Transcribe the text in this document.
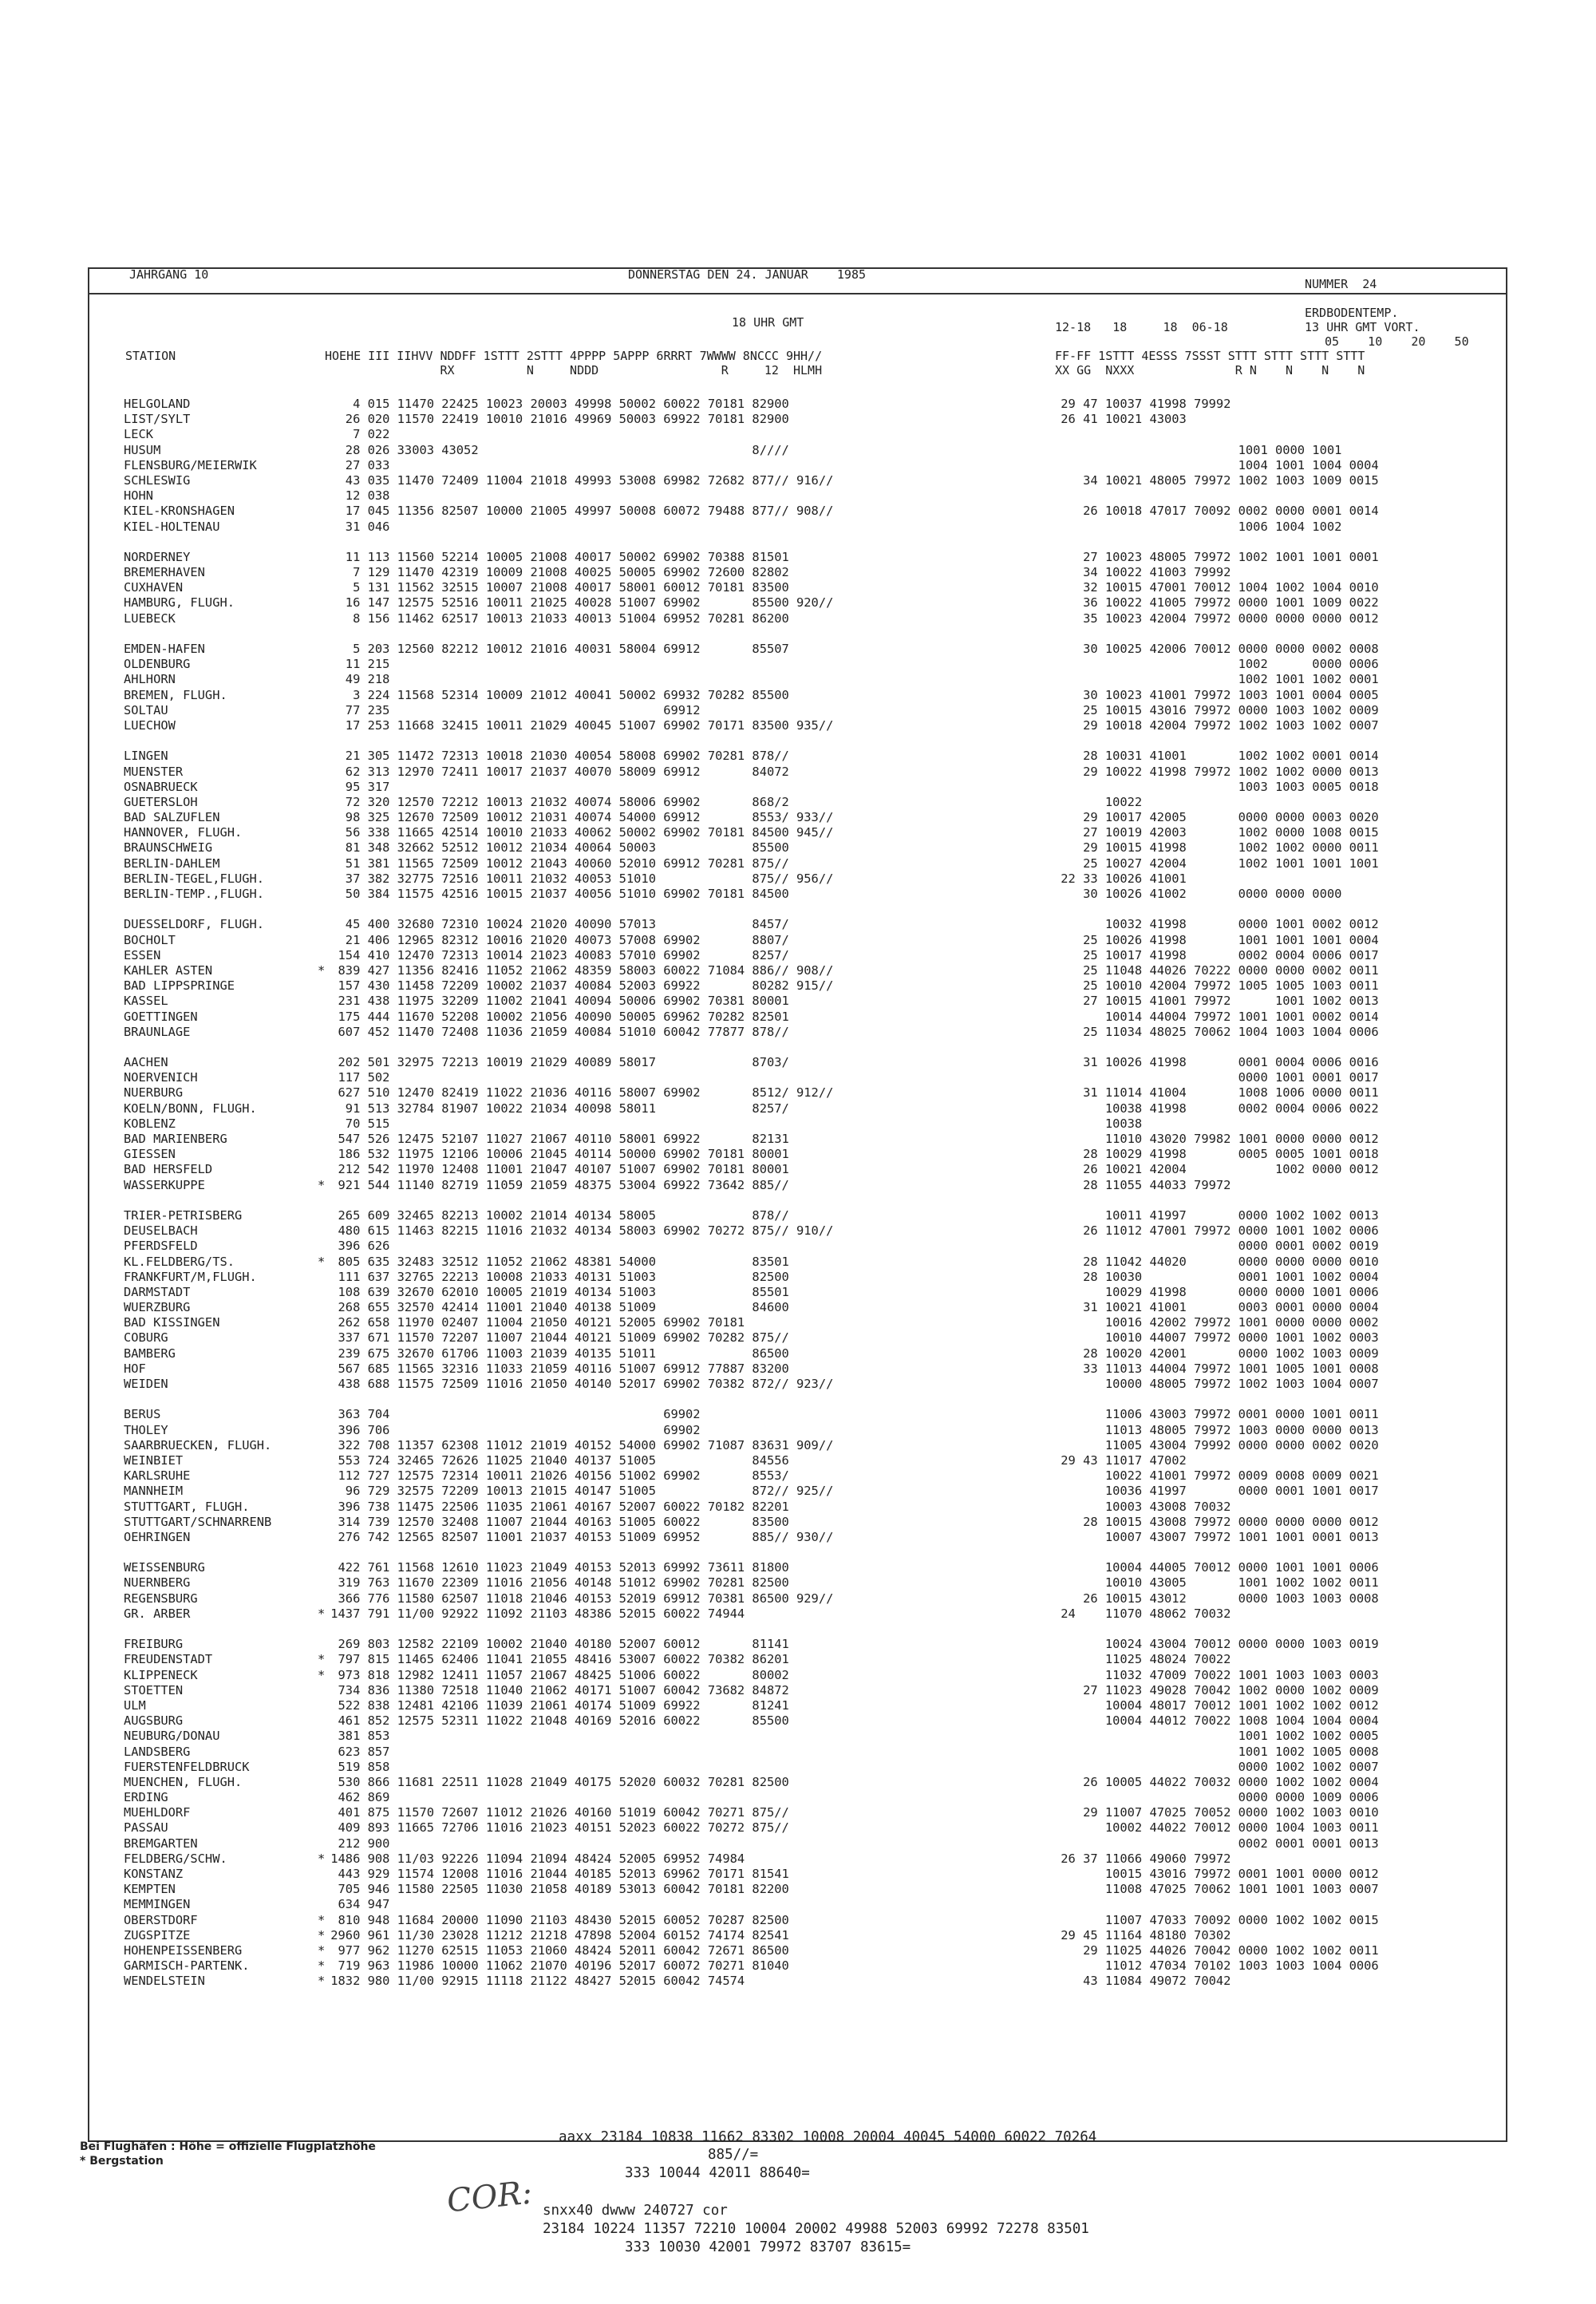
JAHRGANG 10	DONNERSTAG DEN 24. JANUAR    1985
NUMMER  24
18 UHR GMT
ERDBODENTEMP.
13 UHR GMT VORT.
05    10    20    50
12-18   18     18  06-18
STATION	HOEHE III IIHVV NDDFF 1STTT 2STTT 4PPPP 5APPP 6RRRT 7WWWW 8NCCC 9HH//
RX          N     NDDD                 R     12  HLMH
FF-FF 1STTT 4ESSS 7SSST STTT STTT STTT STTT
XX GG  NXXX              R N    N    N    N
HELGOLAND
LIST/SYLT
LECK
HUSUM
FLENSBURG/MEIERWIK
SCHLESWIG
HOHN
KIEL-KRONSHAGEN
KIEL-HOLTENAU
NORDERNEY
BREMERHAVEN
CUXHAVEN
HAMBURG, FLUGH.
LUEBECK
EMDEN-HAFEN
OLDENBURG
AHLHORN
BREMEN, FLUGH.
SOLTAU
LUECHOW
LINGEN
MUENSTER
OSNABRUECK
GUETERSLOH
BAD SALZUFLEN
HANNOVER, FLUGH.
BRAUNSCHWEIG
BERLIN-DAHLEM
BERLIN-TEGEL,FLUGH.
BERLIN-TEMP.,FLUGH.
DUESSELDORF, FLUGH.
BOCHOLT
ESSEN
KAHLER ASTEN
BAD LIPPSPRINGE
KASSEL
GOETTINGEN
BRAUNLAGE
AACHEN
NOERVENICH
NUERBURG
KOELN/BONN, FLUGH.
KOBLENZ
BAD MARIENBERG
GIESSEN
BAD HERSFELD
WASSERKUPPE
TRIER-PETRISBERG
DEUSELBACH
PFERDSFELD
KL.FELDBERG/TS.
FRANKFURT/M,FLUGH.
DARMSTADT
WUERZBURG
BAD KISSINGEN
COBURG
BAMBERG
HOF
WEIDEN
BERUS
THOLEY
SAARBRUECKEN, FLUGH.
WEINBIET
KARLSRUHE
MANNHEIM
STUTTGART, FLUGH.
STUTTGART/SCHNARRENB
OEHRINGEN
WEISSENBURG
NUERNBERG
REGENSBURG
GR. ARBER
FREIBURG
FREUDENSTADT
KLIPPENECK
STOETTEN
ULM
AUGSBURG
NEUBURG/DONAU
LANDSBERG
FUERSTENFELDBRUCK
MUENCHEN, FLUGH.
ERDING
MUEHLDORF
PASSAU
BREMGARTEN
FELDBERG/SCHW.
KONSTANZ
KEMPTEN
MEMMINGEN
OBERSTDORF
ZUGSPITZE
HOHENPEISSENBERG
GARMISCH-PARTENK.
WENDELSTEIN
*
*
*
*
*
*
*
*
*
*
*
*
4 015 11470 22425 10023 20003 49998 50002 60022 70181 82900
26 020 11570 22419 10010 21016 49969 50003 69922 70181 82900
7 022
28 026 33003 43052                                     8////
27 033
43 035 11470 72409 11004 21018 49993 53008 69982 72682 877// 916//
12 038
17 045 11356 82507 10000 21005 49997 50008 60072 79488 877// 908//
31 046
11 113 11560 52214 10005 21008 40017 50002 69902 70388 81501
7 129 11470 42319 10009 21008 40025 50005 69902 72600 82802
5 131 11562 32515 10007 21008 40017 58001 60012 70181 83500
16 147 12575 52516 10011 21025 40028 51007 69902       85500 920//
8 156 11462 62517 10013 21033 40013 51004 69952 70281 86200
5 203 12560 82212 10012 21016 40031 58004 69912       85507
11 215
49 218
3 224 11568 52314 10009 21012 40041 50002 69932 70282 85500
77 235                                     69912
17 253 11668 32415 10011 21029 40045 51007 69902 70171 83500 935//
21 305 11472 72313 10018 21030 40054 58008 69902 70281 878//
62 313 12970 72411 10017 21037 40070 58009 69912       84072
95 317
72 320 12570 72212 10013 21032 40074 58006 69902       868/2
98 325 12670 72509 10012 21031 40074 54000 69912       8553/ 933//
56 338 11665 42514 10010 21033 40062 50002 69902 70181 84500 945//
81 348 32662 52512 10012 21034 40064 50003             85500
51 381 11565 72509 10012 21043 40060 52010 69912 70281 875//
37 382 32775 72516 10011 21032 40053 51010             875// 956//
50 384 11575 42516 10015 21037 40056 51010 69902 70181 84500
45 400 32680 72310 10024 21020 40090 57013             8457/
21 406 12965 82312 10016 21020 40073 57008 69902       8807/
154 410 12470 72313 10014 21023 40083 57010 69902       8257/
839 427 11356 82416 11052 21062 48359 58003 60022 71084 886// 908//
157 430 11458 72209 10002 21037 40084 52003 69922       80282 915//
231 438 11975 32209 11002 21041 40094 50006 69902 70381 80001
175 444 11670 52208 10002 21056 40090 50005 69962 70282 82501
607 452 11470 72408 11036 21059 40084 51010 60042 77877 878//
202 501 32975 72213 10019 21029 40089 58017             8703/
117 502
627 510 12470 82419 11022 21036 40116 58007 69902       8512/ 912//
91 513 32784 81907 10022 21034 40098 58011             8257/
70 515
547 526 12475 52107 11027 21067 40110 58001 69922       82131
186 532 11975 12106 10006 21045 40114 50000 69902 70181 80001
212 542 11970 12408 11001 21047 40107 51007 69902 70181 80001
921 544 11140 82719 11059 21059 48375 53004 69922 73642 885//
265 609 32465 82213 10002 21014 40134 58005             878//
480 615 11463 82215 11016 21032 40134 58003 69902 70272 875// 910//
396 626
805 635 32483 32512 11052 21062 48381 54000             83501
111 637 32765 22213 10008 21033 40131 51003             82500
108 639 32670 62010 10005 21019 40134 51003             85501
268 655 32570 42414 11001 21040 40138 51009             84600
262 658 11970 02407 11004 21050 40121 52005 69902 70181
337 671 11570 72207 11007 21044 40121 51009 69902 70282 875//
239 675 32670 61706 11003 21039 40135 51011             86500
567 685 11565 32316 11033 21059 40116 51007 69912 77887 83200
438 688 11575 72509 11016 21050 40140 52017 69902 70382 872// 923//
363 704                                     69902
396 706                                     69902
322 708 11357 62308 11012 21019 40152 54000 69902 71087 83631 909//
553 724 32465 72626 11025 21040 40137 51005             84556
112 727 12575 72314 10011 21026 40156 51002 69902       8553/
96 729 32575 72209 10013 21015 40147 51005             872// 925//
396 738 11475 22506 11035 21061 40167 52007 60022 70182 82201
314 739 12570 32408 11007 21044 40163 51005 60022       83500
276 742 12565 82507 11001 21037 40153 51009 69952       885// 930//
422 761 11568 12610 11023 21049 40153 52013 69992 73611 81800
319 763 11670 22309 11016 21056 40148 51012 69902 70281 82500
366 776 11580 62507 11018 21046 40153 52019 69912 70381 86500 929//
1437 791 11/00 92922 11092 21103 48386 52015 60022 74944
269 803 12582 22109 10002 21040 40180 52007 60012       81141
797 815 11465 62406 11041 21055 48416 53007 60022 70382 86201
973 818 12982 12411 11057 21067 48425 51006 60022       80002
734 836 11380 72518 11040 21062 40171 51007 60042 73682 84872
522 838 12481 42106 11039 21061 40174 51009 69922       81241
461 852 12575 52311 11022 21048 40169 52016 60022       85500
381 853
623 857
519 858
530 866 11681 22511 11028 21049 40175 52020 60032 70281 82500
462 869
401 875 11570 72607 11012 21026 40160 51019 60042 70271 875//
409 893 11665 72706 11016 21023 40151 52023 60022 70272 875//
212 900
1486 908 11/03 92226 11094 21094 48424 52005 69952 74984
443 929 11574 12008 11016 21044 40185 52013 69962 70171 81541
705 946 11580 22505 11030 21058 40189 53013 60042 70181 82200
634 947
810 948 11684 20000 11090 21103 48430 52015 60052 70287 82500
2960 961 11/30 23028 11212 21218 47898 52004 60152 74174 82541
977 962 11270 62515 11053 21060 48424 52011 60042 72671 86500
719 963 11986 10000 11062 21070 40196 52017 60072 70271 81040
1832 980 11/00 92915 11118 21122 48427 52015 60042 74574
29 47 10037 41998 79992
26 41 10021 43003
1001 0000 1001
1004 1001 1004 0004
34 10021 48005 79972 1002 1003 1009 0015
26 10018 47017 70092 0002 0000 0001 0014
1006 1004 1002
27 10023 48005 79972 1002 1001 1001 0001
34 10022 41003 79992
32 10015 47001 70012 1004 1002 1004 0010
36 10022 41005 79972 0000 1001 1009 0022
35 10023 42004 79972 0000 0000 0000 0012
30 10025 42006 70012 0000 0000 0002 0008
1002      0000 0006
1002 1001 1002 0001
30 10023 41001 79972 1003 1001 0004 0005
25 10015 43016 79972 0000 1003 1002 0009
29 10018 42004 79972 1002 1003 1002 0007
28 10031 41001       1002 1002 0001 0014
29 10022 41998 79972 1002 1002 0000 0013
1003 1003 0005 0018
10022
29 10017 42005       0000 0000 0003 0020
27 10019 42003       1002 0000 1008 0015
29 10015 41998       1002 1002 0000 0011
25 10027 42004       1002 1001 1001 1001
22 33 10026 41001
30 10026 41002       0000 0000 0000
10032 41998       0000 1001 0002 0012
25 10026 41998       1001 1001 1001 0004
25 10017 41998       0002 0004 0006 0017
25 11048 44026 70222 0000 0000 0002 0011
25 10010 42004 79972 1005 1005 1003 0011
27 10015 41001 79972      1001 1002 0013
10014 44004 79972 1001 1001 0002 0014
25 11034 48025 70062 1004 1003 1004 0006
31 10026 41998       0001 0004 0006 0016
0000 1001 0001 0017
31 11014 41004       1008 1006 0000 0011
10038 41998       0002 0004 0006 0022
10038
11010 43020 79982 1001 0000 0000 0012
28 10029 41998       0005 0005 1001 0018
26 10021 42004            1002 0000 0012
28 11055 44033 79972
10011 41997       0000 1002 1002 0013
26 11012 47001 79972 0000 1001 1002 0006
0000 0001 0002 0019
28 11042 44020       0000 0000 0000 0010
28 10030             0001 1001 1002 0004
10029 41998       0000 0000 1001 0006
31 10021 41001       0003 0001 0000 0004
10016 42002 79972 1001 0000 0000 0002
10010 44007 79972 0000 1001 1002 0003
28 10020 42001       0000 1002 1003 0009
33 11013 44004 79972 1001 1005 1001 0008
10000 48005 79972 1002 1003 1004 0007
11006 43003 79972 0001 0000 1001 0011
11013 48005 79972 1003 0000 0000 0013
11005 43004 79992 0000 0000 0002 0020
29 43 11017 47002
10022 41001 79972 0009 0008 0009 0021
10036 41997       0000 0001 1001 0017
10003 43008 70032
28 10015 43008 79972 0000 0000 0000 0012
10007 43007 79972 1001 1001 0001 0013
10004 44005 70012 0000 1001 1001 0006
10010 43005       1001 1002 1002 0011
26 10015 43012       0000 1003 1003 0008
24    11070 48062 70032
10024 43004 70012 0000 0000 1003 0019
11025 48024 70022
11032 47009 70022 1001 1003 1003 0003
27 11023 49028 70042 1002 0000 1002 0009
10004 48017 70012 1001 1002 1002 0012
10004 44012 70022 1008 1004 1004 0004
1001 1002 1002 0005
1001 1002 1005 0008
0000 1002 1002 0007
26 10005 44022 70032 0000 1002 1002 0004
0000 0000 1009 0006
29 11007 47025 70052 0000 1002 1003 0010
10002 44022 70012 0000 1004 1003 0011
0002 0001 0001 0013
26 37 11066 49060 79972
10015 43016 79972 0001 1001 0000 0012
11008 47025 70062 1001 1001 1003 0007
11007 47033 70092 0000 1002 1002 0015
29 45 11164 48180 70302
29 11025 44026 70042 0000 1002 1002 0011
11012 47034 70102 1003 1003 1004 0006
43 11084 49072 70042
Bei Flughäfen : Höhe = offizielle Flugplatzhöhe
* Bergstation
COR:
aaxx 23184 10838 11662 83302 10008 20004 40045 54000 60022 70264
885//=
333 10044 42011 88640=
snxx40 dwww 240727 cor
23184 10224 11357 72210 10004 20002 49988 52003 69992 72278 83501
333 10030 42001 79972 83707 83615=
